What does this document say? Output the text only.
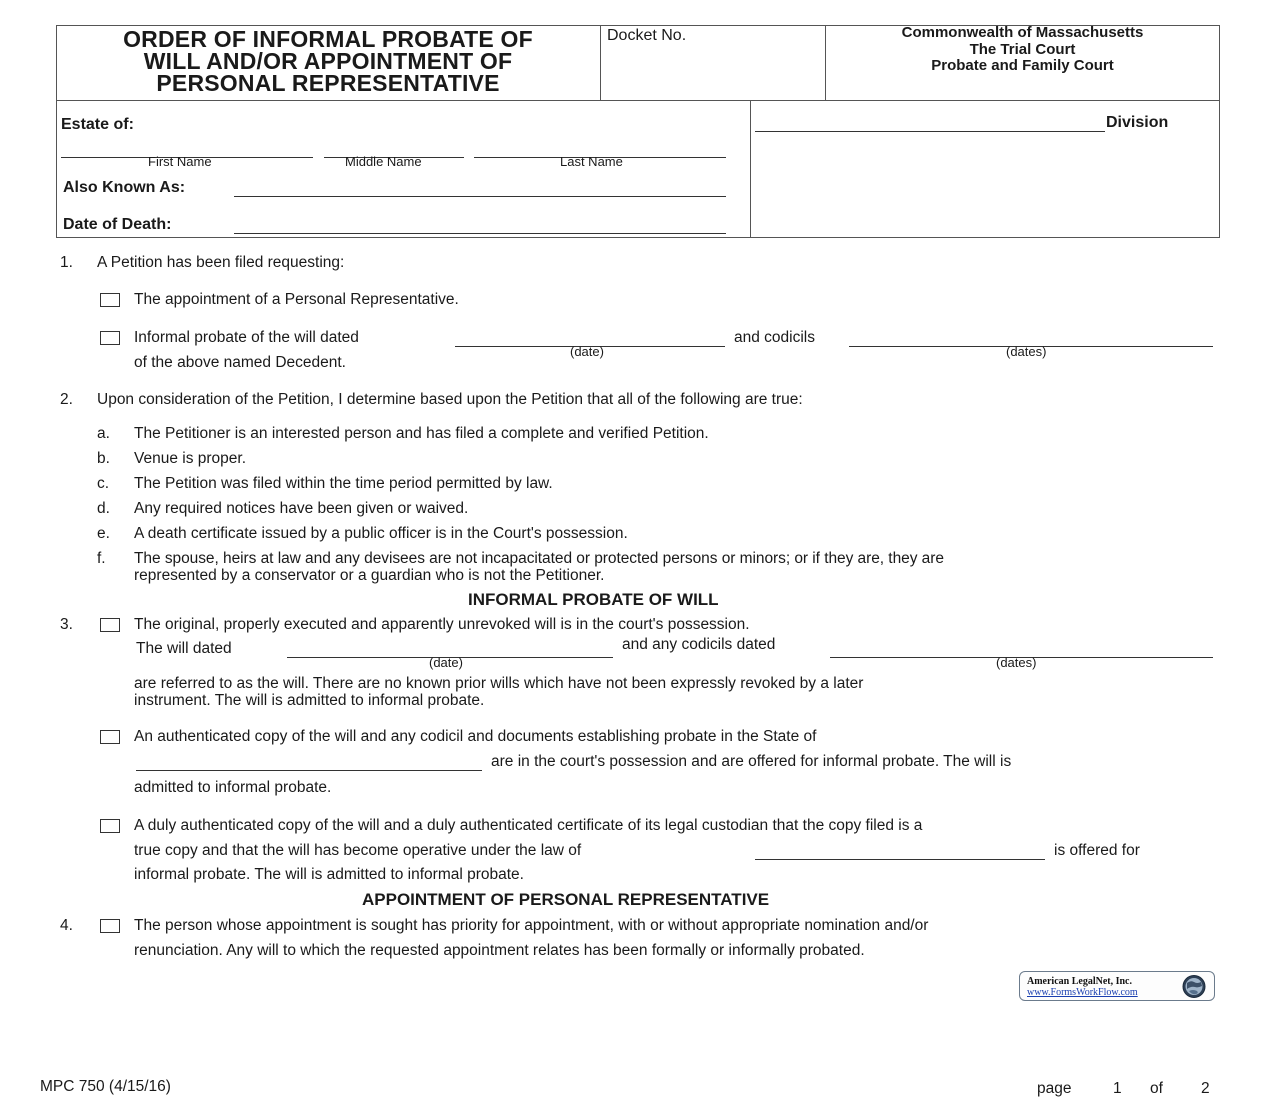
ORDER OF INFORMAL PROBATE OF
WILL AND/OR APPOINTMENT OF
PERSONAL REPRESENTATIVE
Docket No.	Commonwealth of Massachusetts
The Trial Court
Probate and Family Court
Estate of:
First Name	Middle Name	Last Name
Also Known As:
Date of Death:
Division
1. A Petition has been filed requesting:
The appointment of a Personal Representative.
Informal probate of the will dated
(date)
and codicils
(dates)
of the above named Decedent.
2. Upon consideration of the Petition, I determine based upon the Petition that all of the following are true:
a. The Petitioner is an interested person and has filed a complete and verified Petition.
b. Venue is proper.
c. The Petition was filed within the time period permitted by law.
d. Any required notices have been given or waived.
e. A death certificate issued by a public officer is in the Court's possession.
f. The spouse, heirs at law and any devisees are not incapacitated or protected persons or minors; or if they are, they are
represented by a conservator or a guardian who is not the Petitioner.
INFORMAL PROBATE OF WILL
3.	The original, properly executed and apparently unrevoked will is in the court's possession.
The will dated
(date)
and any codicils dated
(dates)
are referred to as the will. There are no known prior wills which have not been expressly revoked by a later
instrument. The will is admitted to informal probate.
An authenticated copy of the will and any codicil and documents establishing probate in the State of
are in the court's possession and are offered for informal probate. The will is
admitted to informal probate.
A duly authenticated copy of the will and a duly authenticated certificate of its legal custodian that the copy filed is a
true copy and that the will has become operative under the law of	is offered for
informal probate. The will is admitted to informal probate.
APPOINTMENT OF PERSONAL REPRESENTATIVE
4.	The person whose appointment is sought has priority for appointment, with or without appropriate nomination and/or
renunciation. Any will to which the requested appointment relates has been formally or informally probated.
American LegalNet, Inc.
www.FormsWorkFlow.com
MPC 750 (4/15/16)	page	1 of 2
